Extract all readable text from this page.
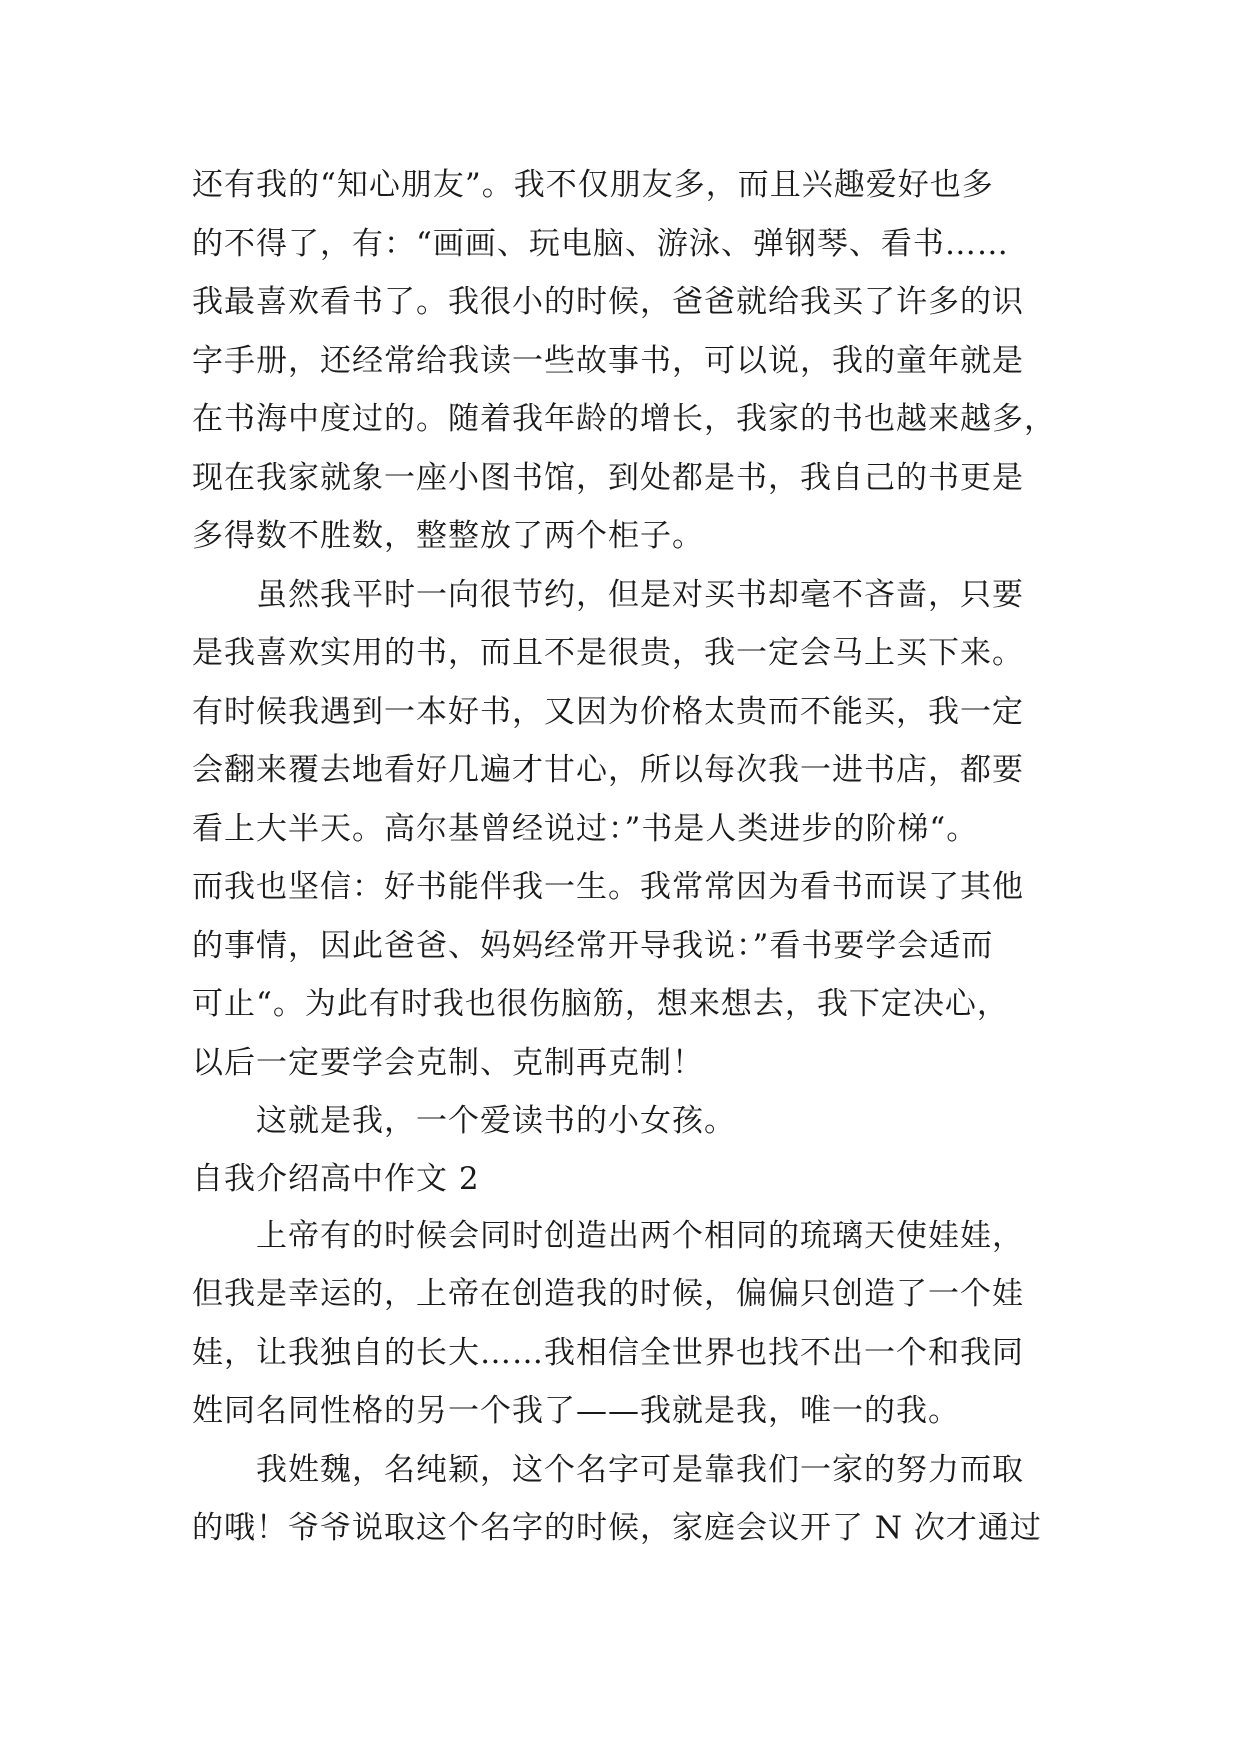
还有我的“知心朋友”。我不仅朋友多，而且兴趣爱好也多
的不得了，有：“画画、玩电脑、游泳、弹钢琴、看书……
我最喜欢看书了。我很小的时候，爸爸就给我买了许多的识
字手册，还经常给我读一些故事书，可以说，我的童年就是
在书海中度过的。随着我年龄的增长，我家的书也越来越多，
现在我家就象一座小图书馆，到处都是书，我自己的书更是
多得数不胜数，整整放了两个柜子。
虽然我平时一向很节约，但是对买书却毫不吝啬，只要
是我喜欢实用的书，而且不是很贵，我一定会马上买下来。
有时候我遇到一本好书，又因为价格太贵而不能买，我一定
会翻来覆去地看好几遍才甘心，所以每次我一进书店，都要
看上大半天。高尔基曾经说过：”书是人类进步的阶梯“。
而我也坚信：好书能伴我一生。我常常因为看书而误了其他
的事情，因此爸爸、妈妈经常开导我说：”看书要学会适而
可止“。为此有时我也很伤脑筋，想来想去，我下定决心，
以后一定要学会克制、克制再克制！
这就是我，一个爱读书的小女孩。
自我介绍高中作文 2
上帝有的时候会同时创造出两个相同的琉璃天使娃娃，
但我是幸运的，上帝在创造我的时候，偏偏只创造了一个娃
娃，让我独自的长大……我相信全世界也找不出一个和我同
姓同名同性格的另一个我了——我就是我，唯一的我。
我姓魏，名纯颖，这个名字可是靠我们一家的努力而取
的哦！爷爷说取这个名字的时候，家庭会议开了 N 次才通过
